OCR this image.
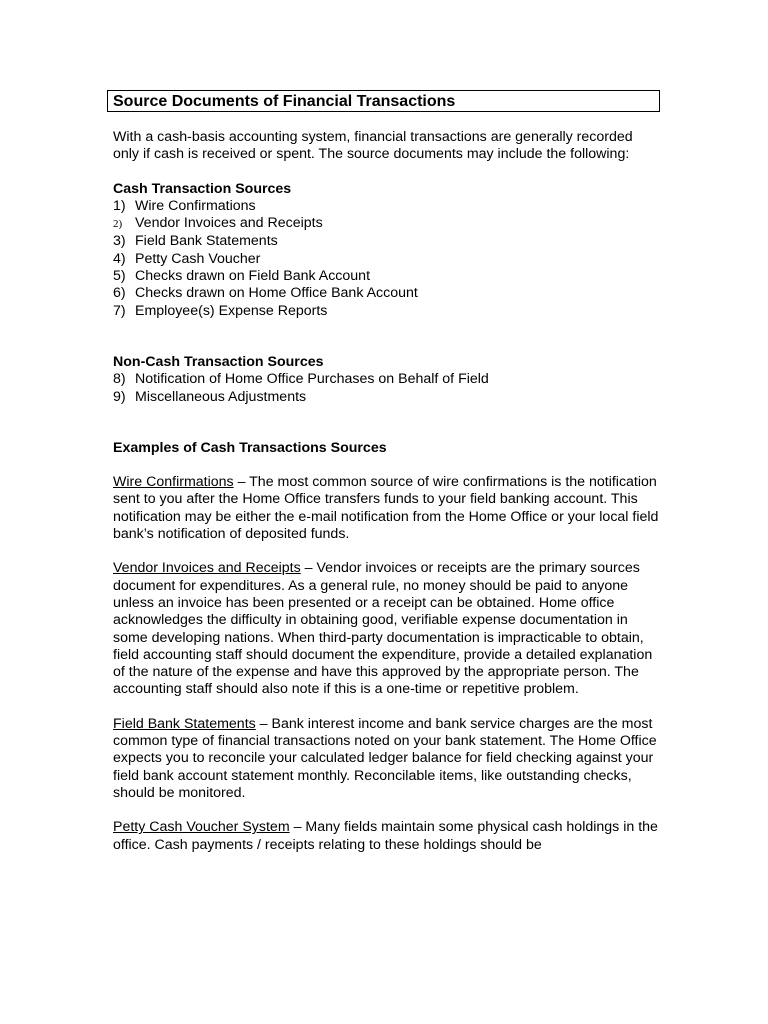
Source Documents of Financial Transactions

With a cash-basis accounting system, financial transactions are generally recorded only if cash is received or spent. The source documents may include the following:

Cash Transaction Sources

1) Wire Confirmations
2) Vendor Invoices and Receipts
3) Field Bank Statements
4) Petty Cash Voucher
5) Checks drawn on Field Bank Account
6) Checks drawn on Home Office Bank Account
7) Employee(s) Expense Reports

Non-Cash Transaction Sources

8) Notification of Home Office Purchases on Behalf of Field
9) Miscellaneous Adjustments

Examples of Cash Transactions Sources

Wire Confirmations – The most common source of wire confirmations is the notification sent to you after the Home Office transfers funds to your field banking account. This notification may be either the e-mail notification from the Home Office or your local field bank’s notification of deposited funds.

Vendor Invoices and Receipts – Vendor invoices or receipts are the primary sources document for expenditures. As a general rule, no money should be paid to anyone unless an invoice has been presented or a receipt can be obtained. Home office acknowledges the difficulty in obtaining good, verifiable expense documentation in some developing nations. When third-party documentation is impracticable to obtain, field accounting staff should document the expenditure, provide a detailed explanation of the nature of the expense and have this approved by the appropriate person. The accounting staff should also note if this is a one-time or repetitive problem.

Field Bank Statements – Bank interest income and bank service charges are the most common type of financial transactions noted on your bank statement. The Home Office expects you to reconcile your calculated ledger balance for field checking against your field bank account statement monthly. Reconcilable items, like outstanding checks, should be monitored.

Petty Cash Voucher System – Many fields maintain some physical cash holdings in the office. Cash payments / receipts relating to these holdings should be
